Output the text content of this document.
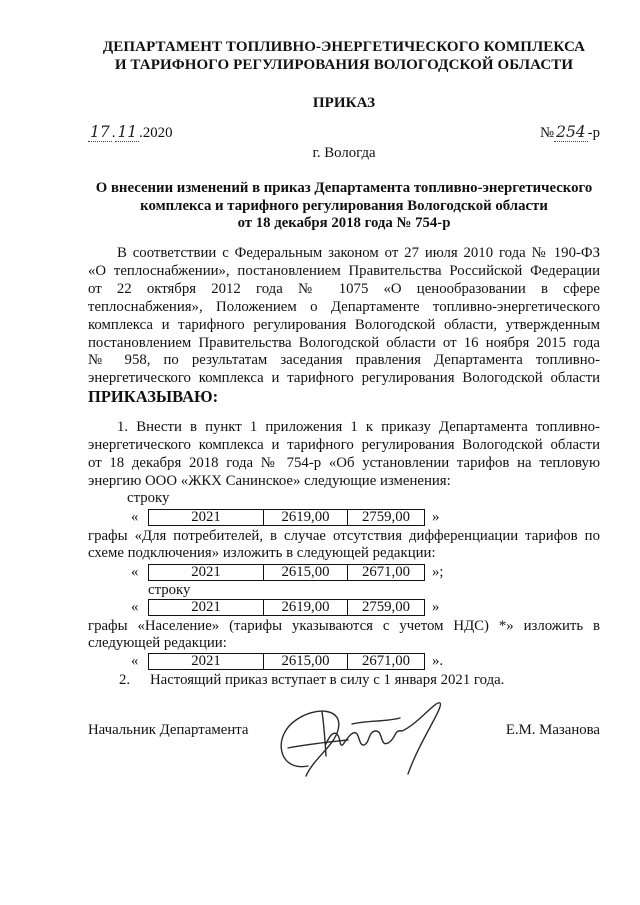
ДЕПАРТАМЕНТ ТОПЛИВНО-ЭНЕРГЕТИЧЕСКОГО КОМПЛЕКСА
И ТАРИФНОГО РЕГУЛИРОВАНИЯ ВОЛОГОДСКОЙ ОБЛАСТИ
ПРИКАЗ
17 . 11 .2020	№ 254 -р
г. Вологда
О внесении изменений в приказ Департамента топливно-энергетического
комплекса и тарифного регулирования Вологодской области
от 18 декабря 2018 года № 754-р
В соответствии с Федеральным законом от 27 июля 2010 года № 190-ФЗ
«О теплоснабжении», постановлением Правительства Российской Федерации
от 22 октября 2012 года № 1075 «О ценообразовании в сфере
теплоснабжения», Положением о Департаменте топливно-энергетического
комплекса и тарифного регулирования Вологодской области, утвержденным
постановлением Правительства Вологодской области от 16 ноября 2015 года
№ 958, по результатам заседания правления Департамента топливно-
энергетического комплекса и тарифного регулирования Вологодской области
ПРИКАЗЫВАЮ:
1. Внести в пункт 1 приложения 1 к приказу Департамента топливно-
энергетического комплекса и тарифного регулирования Вологодской области
от 18 декабря 2018 года № 754-р «Об установлении тарифов на тепловую
энергию ООО «ЖКХ Санинское» следующие изменения:
строку
«	2021	2619,00	2759,00	»
графы «Для потребителей, в случае отсутствия дифференциации тарифов по
схеме подключения» изложить в следующей редакции:
«	2021	2615,00	2671,00	»;
строку
«	2021	2619,00	2759,00	»
графы «Население» (тарифы указываются с учетом НДС) *» изложить в
следующей редакции:
«	2021	2615,00	2671,00	».
2. Настоящий приказ вступает в силу с 1 января 2021 года.
Начальник Департамента	Е.М. Мазанова
